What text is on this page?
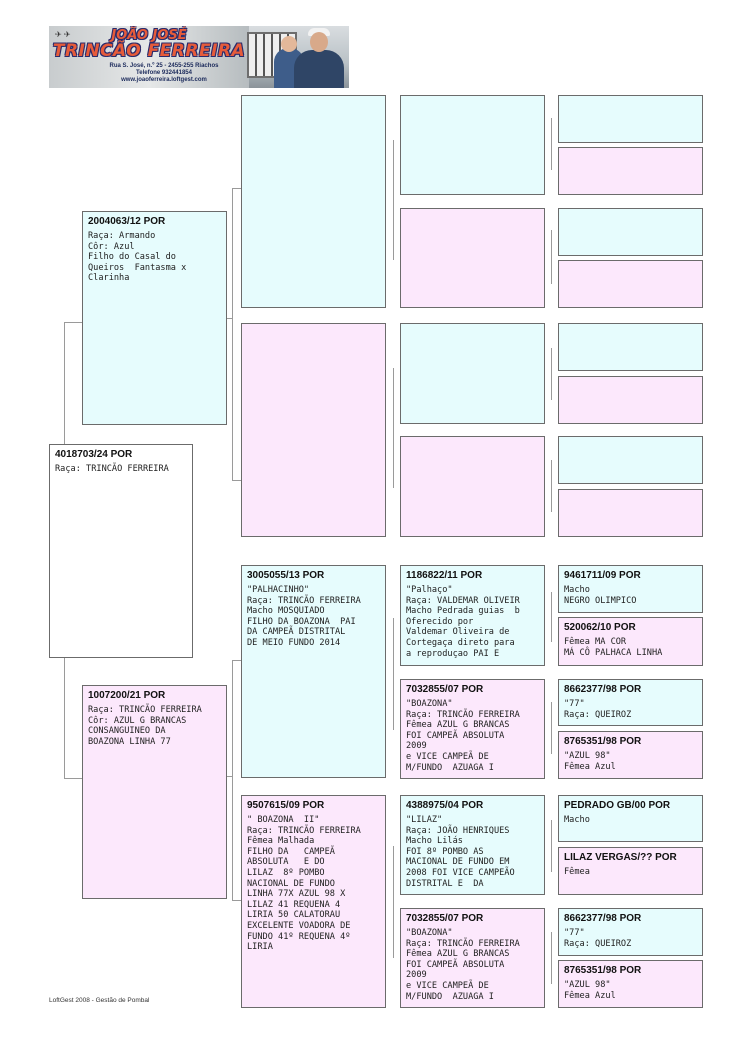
✈ ✈	JOÃO JOSÉ
TRINCÃO FERREIRA
Rua S. José, n.º 25 - 2455-255 Riachos
Telefone 932441854
www.joaoferreira.loftgest.com
4018703/24 POR
Raça: TRINCÃO FERREIRA
2004063/12 POR
Raça: Armando
Côr: Azul
Filho do Casal do
Queiros  Fantasma x
Clarinha
1007200/21 POR
Raça: TRINCÃO FERREIRA
Côr: AZUL G BRANCAS
CONSANGUINEO DA
BOAZONA LINHA 77
3005055/13 POR
"PALHACINHO"
Raça: TRINCÃO FERREIRA
Macho MOSQUIADO
FILHO DA BOAZONA  PAI
DA CAMPEÃ DISTRITAL
DE MEIO FUNDO 2014
9507615/09 POR
" BOAZONA  II"
Raça: TRINCÃO FERREIRA
Fêmea Malhada
FILHO DA   CAMPEÃ
ABSOLUTA   E DO
LILAZ  8º POMBO
NACIONAL DE FUNDO
LINHA 77X AZUL 98 X
LILAZ 41 REQUENA 4
LIRIA 50 CALATORAU
EXCELENTE VOADORA DE
FUNDO 41º REQUENA 4º
LIRIA
1186822/11 POR
"Palhaço"
Raça: VALDEMAR OLIVEIR
Macho Pedrada guias  b
Oferecido por
Valdemar Oliveira de
Cortegaça direto para
a reproduçao PAI E
7032855/07 POR
"BOAZONA"
Raça: TRINCÃO FERREIRA
Fêmea AZUL G BRANCAS
FOI CAMPEÃ ABSOLUTA
2009
e VICE CAMPEÃ DE
M/FUNDO  AZUAGA I
4388975/04 POR
"LILAZ"
Raça: JOÃO HENRIQUES
Macho Lilás
FOI 8º POMBO AS
MACIONAL DE FUNDO EM
2008 FOI VICE CAMPEÃO
DISTRITAL E  DA
7032855/07 POR
"BOAZONA"
Raça: TRINCÃO FERREIRA
Fêmea AZUL G BRANCAS
FOI CAMPEÃ ABSOLUTA
2009
e VICE CAMPEÃ DE
M/FUNDO  AZUAGA I
9461711/09 POR
Macho
NEGRO OLIMPICO
520062/10 POR
Fêmea MA COR
MÁ CÔ PALHACA LINHA
8662377/98 POR
"77"
Raça: QUEIROZ
8765351/98 POR
"AZUL 98"
Fêmea Azul
PEDRADO GB/00 POR
Macho
LILAZ VERGAS/?? POR
Fêmea
8662377/98 POR
"77"
Raça: QUEIROZ
8765351/98 POR
"AZUL 98"
Fêmea Azul
LoftGest 2008 - Gestão de Pombal
